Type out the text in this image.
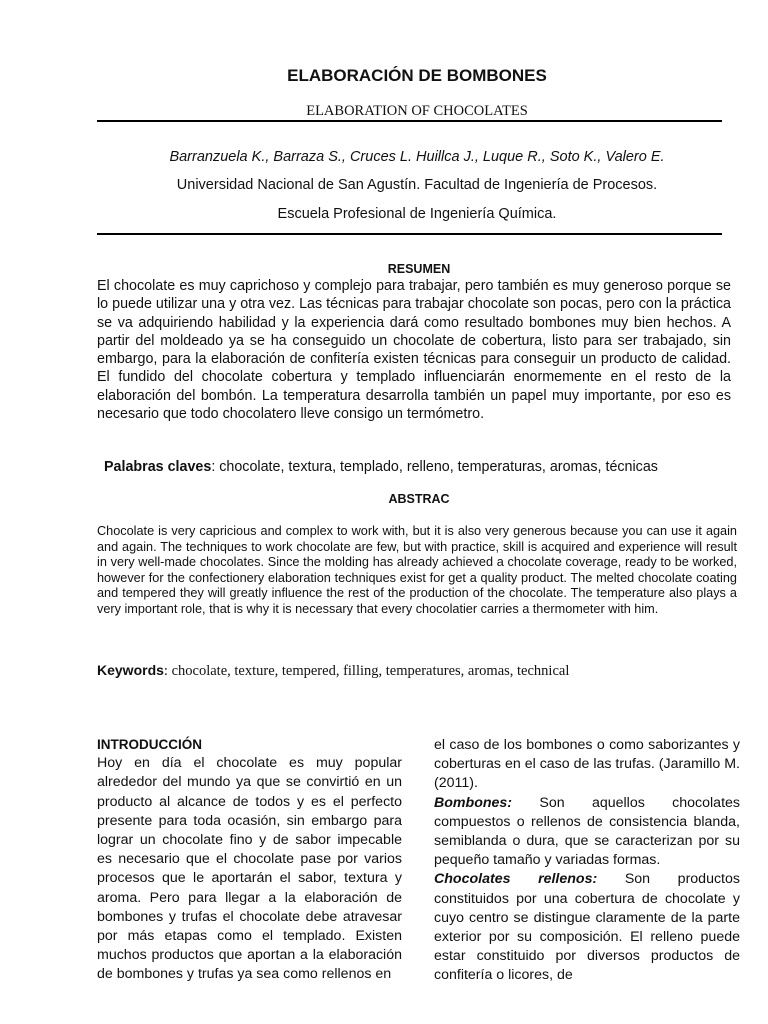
ELABORACIÓN DE BOMBONES
ELABORATION OF CHOCOLATES
Barranzuela K., Barraza S., Cruces L. Huillca J., Luque R., Soto K., Valero E.
Universidad Nacional de San Agustín. Facultad de Ingeniería de Procesos.
Escuela Profesional de Ingeniería Química.
RESUMEN
El chocolate es muy caprichoso y complejo para trabajar, pero también es muy generoso porque se lo puede utilizar una y otra vez. Las técnicas para trabajar chocolate son pocas, pero con la práctica se va adquiriendo habilidad y la experiencia dará como resultado bombones muy bien hechos. A partir del moldeado ya se ha conseguido un chocolate de cobertura, listo para ser trabajado, sin embargo, para la elaboración de confitería existen técnicas para conseguir un producto de calidad. El fundido del chocolate cobertura y templado influenciarán enormemente en el resto de la elaboración del bombón. La temperatura desarrolla también un papel muy importante, por eso es necesario que todo chocolatero lleve consigo un termómetro.
Palabras claves: chocolate, textura, templado, relleno, temperaturas, aromas, técnicas
ABSTRAC
Chocolate is very capricious and complex to work with, but it is also very generous because you can use it again and again. The techniques to work chocolate are few, but with practice, skill is acquired and experience will result in very well-made chocolates. Since the molding has already achieved a chocolate coverage, ready to be worked, however for the confectionery elaboration techniques exist for get a quality product. The melted chocolate coating and tempered they will greatly influence the rest of the production of the chocolate. The temperature also plays a very important role, that is why it is necessary that every chocolatier carries a thermometer with him.
Keywords: chocolate, texture, tempered, filling, temperatures, aromas, technical
INTRODUCCIÓN
Hoy en día el chocolate es muy popular alrededor del mundo ya que se convirtió en un producto al alcance de todos y es el perfecto presente para toda ocasión, sin embargo para lograr un chocolate fino y de sabor impecable es necesario que el chocolate pase por varios procesos que le aportarán el sabor, textura y aroma. Pero para llegar a la elaboración de bombones y trufas el chocolate debe atravesar por más etapas como el templado. Existen muchos productos que aportan a la elaboración de bombones y trufas ya sea como rellenos en
el caso de los bombones o como saborizantes y coberturas en el caso de las trufas. (Jaramillo M. (2011).
Bombones: Son aquellos chocolates compuestos o rellenos de consistencia blanda, semiblanda o dura, que se caracterizan por su pequeño tamaño y variadas formas.
Chocolates rellenos: Son productos constituidos por una cobertura de chocolate y cuyo centro se distingue claramente de la parte exterior por su composición. El relleno puede estar constituido por diversos productos de confitería o licores, de
